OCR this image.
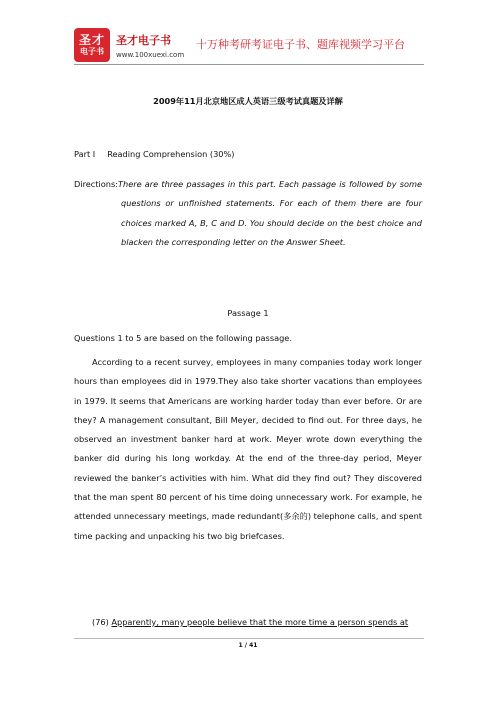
圣才
电子书
圣才电子书
www.100xuexi.com
十万种考研考证电子书、题库视频学习平台
2009年11月北京地区成人英语三级考试真题及详解
Part Ⅰ Reading Comprehension (30%)
Directions: There are three passages in this part. Each passage is followed by some questions or unfinished statements. For each of them there are four choices marked A, B, C and D. You should decide on the best choice and blacken the corresponding letter on the Answer Sheet.
Passage 1
Questions 1 to 5 are based on the following passage.
According to a recent survey, employees in many companies today work longer hours than employees did in 1979.They also take shorter vacations than employees in 1979. It seems that Americans are working harder today than ever before. Or are they? A management consultant, Bill Meyer, decided to find out. For three days, he observed an investment banker hard at work. Meyer wrote down everything the banker did during his long workday. At the end of the three-day period, Meyer reviewed the banker’s activities with him. What did they find out? They discovered that the man spent 80 percent of his time doing unnecessary work. For example, he attended unnecessary meetings, made redundant(多余的) telephone calls, and spent time packing and unpacking his two big briefcases.
(76) Apparently, many people believe that the more time a person spends at
1 / 41
